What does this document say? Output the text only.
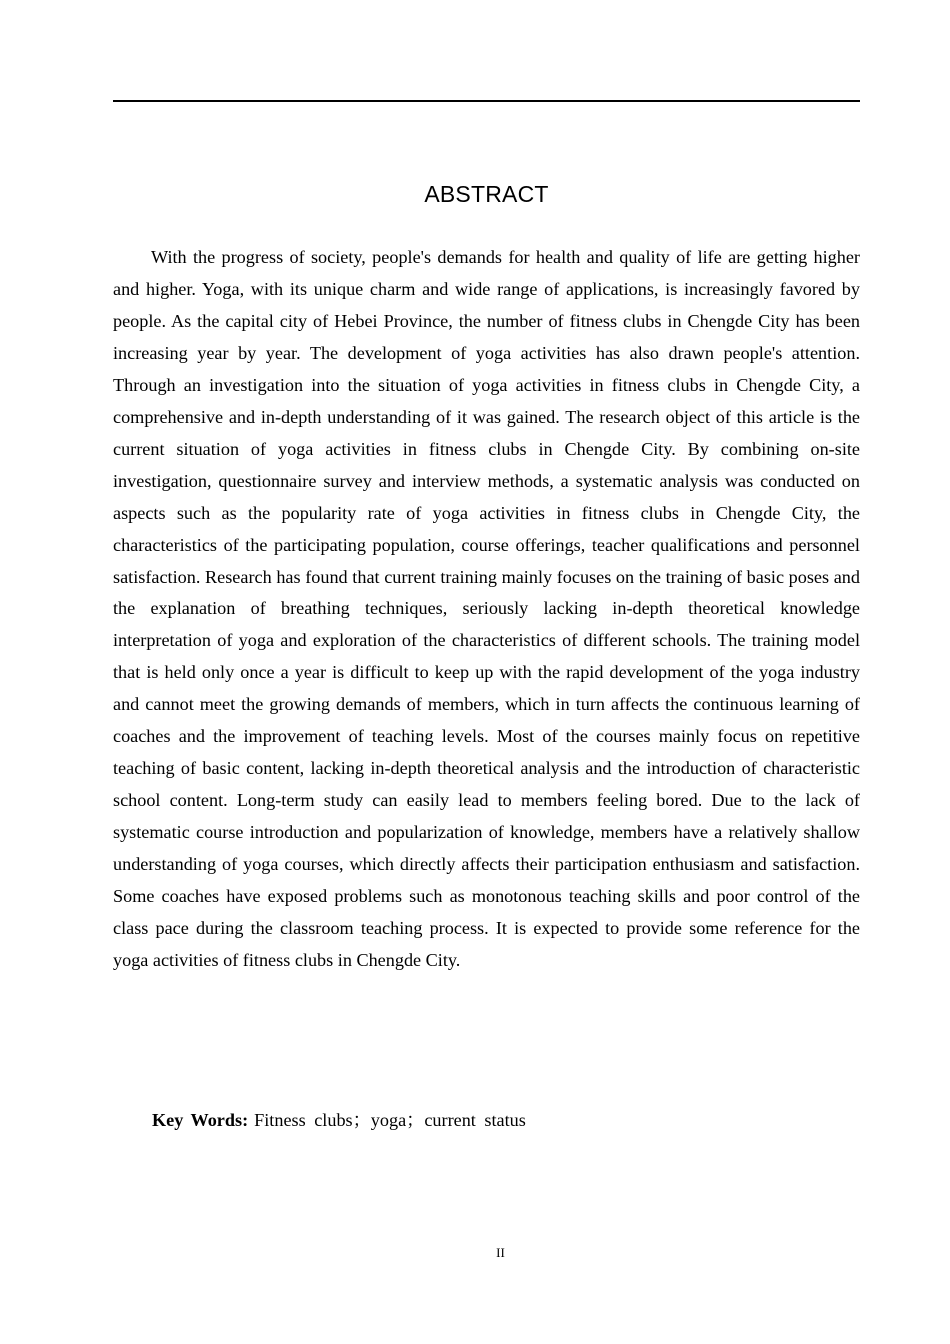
ABSTRACT

With the progress of society, people's demands for health and quality of life are getting higher and higher. Yoga, with its unique charm and wide range of applications, is increasingly favored by people. As the capital city of Hebei Province, the number of fitness clubs in Chengde City has been increasing year by year. The development of yoga activities has also drawn people's attention. Through an investigation into the situation of yoga activities in fitness clubs in Chengde City, a comprehensive and in-depth understanding of it was gained. The research object of this article is the current situation of yoga activities in fitness clubs in Chengde City. By combining on-site investigation, questionnaire survey and interview methods, a systematic analysis was conducted on aspects such as the popularity rate of yoga activities in fitness clubs in Chengde City, the characteristics of the participating population, course offerings, teacher qualifications and personnel satisfaction. Research has found that current training mainly focuses on the training of basic poses and the explanation of breathing techniques, seriously lacking in-depth theoretical knowledge interpretation of yoga and exploration of the characteristics of different schools. The training model that is held only once a year is difficult to keep up with the rapid development of the yoga industry and cannot meet the growing demands of members, which in turn affects the continuous learning of coaches and the improvement of teaching levels. Most of the courses mainly focus on repetitive teaching of basic content, lacking in-depth theoretical analysis and the introduction of characteristic school content. Long-term study can easily lead to members feeling bored. Due to the lack of systematic course introduction and popularization of knowledge, members have a relatively shallow understanding of yoga courses, which directly affects their participation enthusiasm and satisfaction. Some coaches have exposed problems such as monotonous teaching skills and poor control of the class pace during the classroom teaching process. It is expected to provide some reference for the yoga activities of fitness clubs in Chengde City.

Key Words: Fitness clubs；yoga；current status
II
